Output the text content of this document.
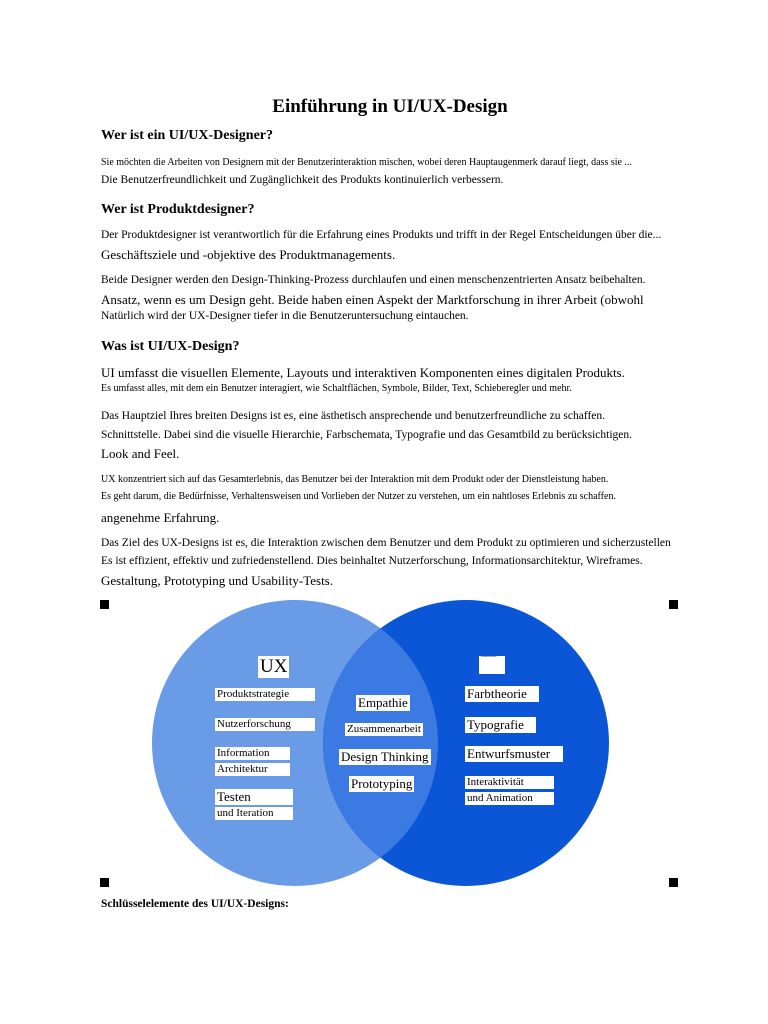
Einführung in UI/UX-Design
Wer ist ein UI/UX-Designer?

Sie möchten die Arbeiten von Designern mit der Benutzerinteraktion mischen, wobei deren Hauptaugenmerk darauf liegt, dass sie ...

Die Benutzerfreundlichkeit und Zugänglichkeit des Produkts kontinuierlich verbessern.

Wer ist Produktdesigner?

Der Produktdesigner ist verantwortlich für die Erfahrung eines Produkts und trifft in der Regel Entscheidungen über die...

Geschäftsziele und -objektive des Produktmanagements.

Beide Designer werden den Design-Thinking-Prozess durchlaufen und einen menschenzentrierten Ansatz beibehalten.

Ansatz, wenn es um Design geht. Beide haben einen Aspekt der Marktforschung in ihrer Arbeit (obwohl

Natürlich wird der UX-Designer tiefer in die Benutzeruntersuchung eintauchen.

Was ist UI/UX-Design?

UI umfasst die visuellen Elemente, Layouts und interaktiven Komponenten eines digitalen Produkts.

Es umfasst alles, mit dem ein Benutzer interagiert, wie Schaltflächen, Symbole, Bilder, Text, Schieberegler und mehr.

Das Hauptziel Ihres breiten Designs ist es, eine ästhetisch ansprechende und benutzerfreundliche zu schaffen.

Schnittstelle. Dabei sind die visuelle Hierarchie, Farbschemata, Typografie und das Gesamtbild zu berücksichtigen.

Look and Feel.

UX konzentriert sich auf das Gesamterlebnis, das Benutzer bei der Interaktion mit dem Produkt oder der Dienstleistung haben.

Es geht darum, die Bedürfnisse, Verhaltensweisen und Vorlieben der Nutzer zu verstehen, um ein nahtloses Erlebnis zu schaffen.

angenehme Erfahrung.

Das Ziel des UX-Designs ist es, die Interaktion zwischen dem Benutzer und dem Produkt zu optimieren und sicherzustellen

Es ist effizient, effektiv und zufriedenstellend. Dies beinhaltet Nutzerforschung, Informationsarchitektur, Wireframes.

Gestaltung, Prototyping und Usability-Tests.

UX
Produktstrategie
Nutzerforschung
Information
Architektur
Testen
und Iteration
Empathie
Zusammenarbeit
Design Thinking
Prototyping
Benutzeroberfläche
Farbtheorie
Typografie
Entwurfsmuster
Interaktivität
und Animation

Schlüsselelemente des UI/UX-Designs:
